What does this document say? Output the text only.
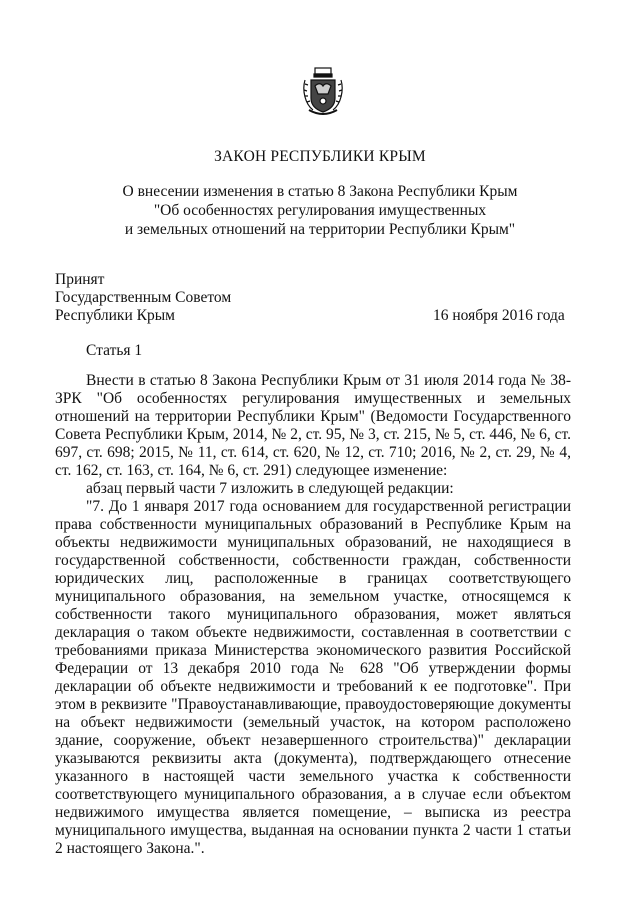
ЗАКОН РЕСПУБЛИКИ КРЫМ
О внесении изменения в статью 8 Закона Республики Крым
"Об особенностях регулирования имущественных
и земельных отношений на территории Республики Крым"
Принят
Государственным Советом
Республики Крым	16 ноября 2016 года
Статья 1

Внести в статью 8 Закона Республики Крым от 31 июля 2014 года № 38-ЗРК "Об особенностях регулирования имущественных и земельных отношений на территории Республики Крым" (Ведомости Государственного Совета Республики Крым, 2014, № 2, ст. 95, № 3, ст. 215, № 5, ст. 446, № 6, ст. 697, ст. 698; 2015, № 11, ст. 614, ст. 620, № 12, ст. 710; 2016, № 2, ст. 29, № 4, ст. 162, ст. 163, ст. 164, № 6, ст. 291) следующее изменение:

абзац первый части 7 изложить в следующей редакции:

"7. До 1 января 2017 года основанием для государственной регистрации права собственности муниципальных образований в Республике Крым на объекты недвижимости муниципальных образований, не находящиеся в государственной собственности, собственности граждан, собственности юридических лиц, расположенные в границах соответствующего муниципального образования, на земельном участке, относящемся к собственности такого муниципального образования, может являться декларация о таком объекте недвижимости, составленная в соответствии с требованиями приказа Министерства экономического развития Российской Федерации от 13 декабря 2010 года № 628 "Об утверждении формы декларации об объекте недвижимости и требований к ее подготовке". При этом в реквизите "Правоустанавливающие, правоудостоверяющие документы на объект недвижимости (земельный участок, на котором расположено здание, сооружение, объект незавершенного строительства)" декларации указываются реквизиты акта (документа), подтверждающего отнесение указанного в настоящей части земельного участка к собственности соответствующего муниципального образования, а в случае если объектом недвижимого имущества является помещение, – выписка из реестра муниципального имущества, выданная на основании пункта 2 части 1 статьи 2 настоящего Закона.".
